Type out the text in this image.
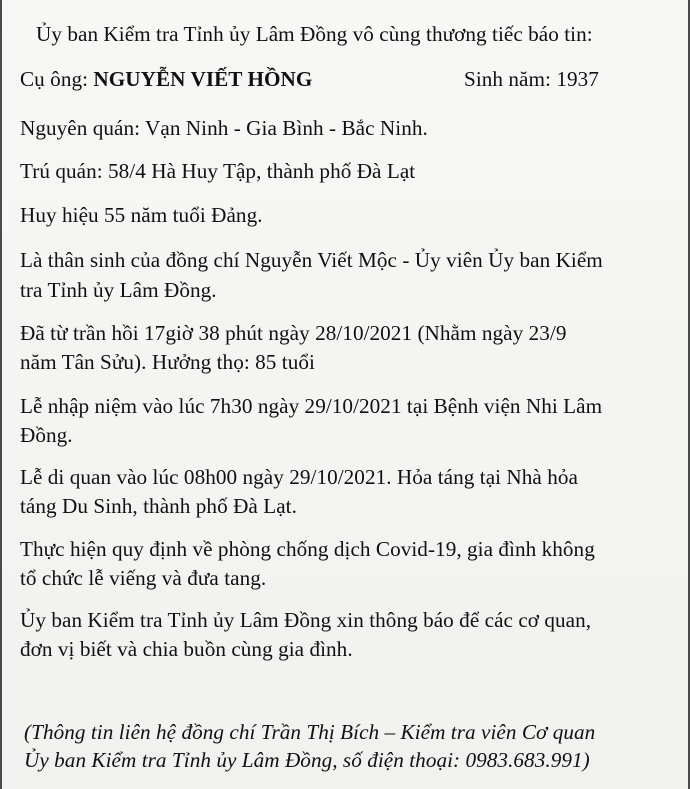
Ủy ban Kiểm tra Tỉnh ủy Lâm Đồng vô cùng thương tiếc báo tin:
Cụ ông: NGUYỄN VIẾT HỒNG	Sinh năm: 1937
Nguyên quán: Vạn Ninh - Gia Bình - Bắc Ninh.
Trú quán: 58/4 Hà Huy Tập, thành phố Đà Lạt
Huy hiệu 55 năm tuổi Đảng.
Là thân sinh của đồng chí Nguyễn Viết Mộc - Ủy viên Ủy ban Kiểm
tra Tỉnh ủy Lâm Đồng.
Đã từ trần hồi 17giờ 38 phút ngày 28/10/2021 (Nhằm ngày 23/9
năm Tân Sửu). Hưởng thọ: 85 tuổi
Lễ nhập niệm vào lúc 7h30 ngày 29/10/2021 tại Bệnh viện Nhi Lâm
Đồng.
Lễ di quan vào lúc 08h00 ngày 29/10/2021. Hỏa táng tại Nhà hỏa
táng Du Sinh, thành phố Đà Lạt.
Thực hiện quy định về phòng chống dịch Covid-19, gia đình không
tổ chức lễ viếng và đưa tang.
Ủy ban Kiểm tra Tỉnh ủy Lâm Đồng xin thông báo để các cơ quan,
đơn vị biết và chia buồn cùng gia đình.
(Thông tin liên hệ đồng chí Trần Thị Bích – Kiểm tra viên Cơ quan
Ủy ban Kiểm tra Tỉnh ủy Lâm Đồng, số điện thoại: 0983.683.991)
